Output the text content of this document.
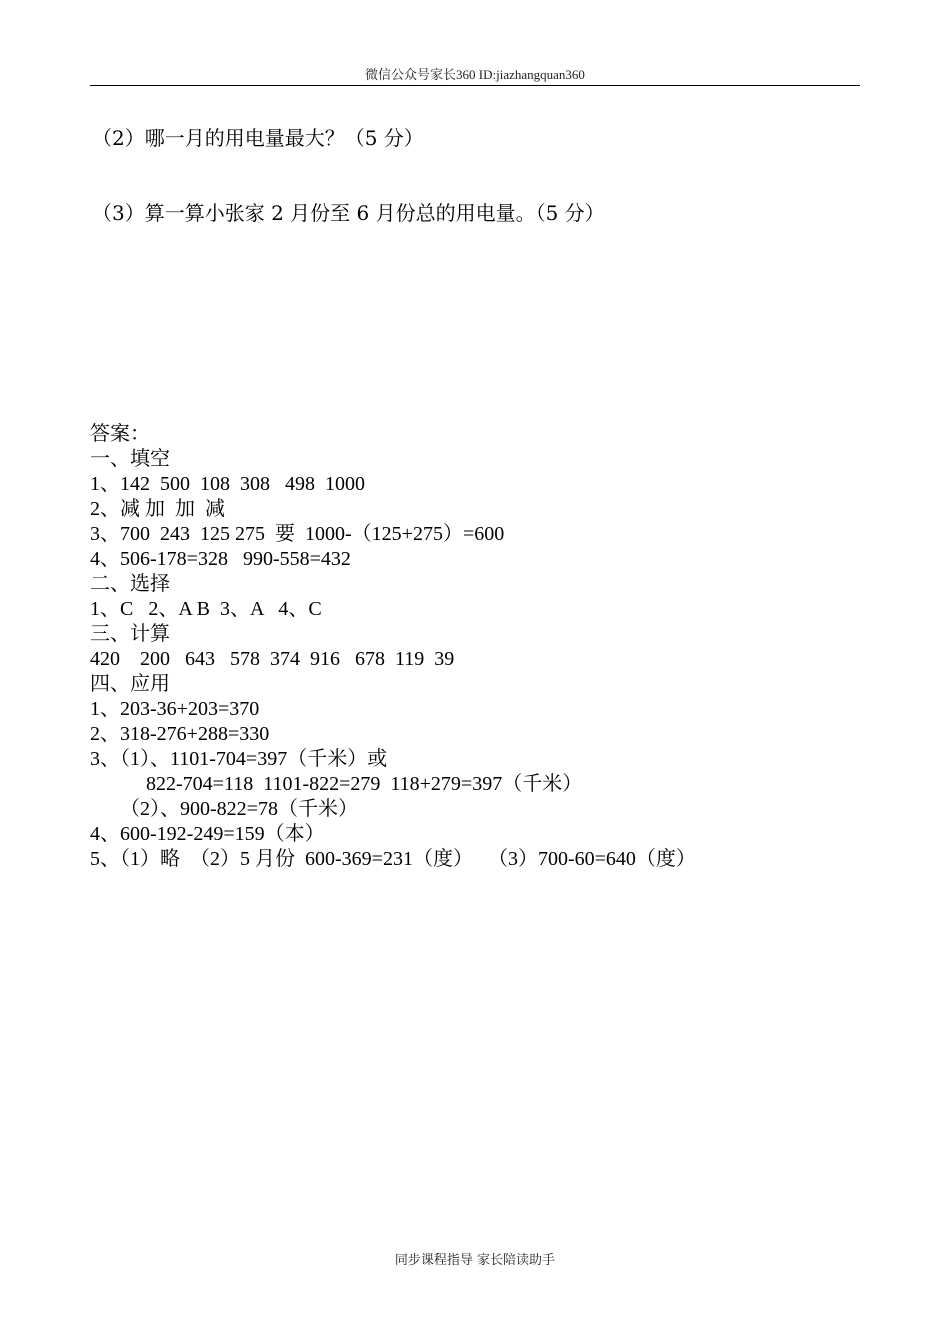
微信公众号家长360 ID:jiazhangquan360
（2）哪一月的用电量最大？（5 分）
（3）算一算小张家 2 月份至 6 月份总的用电量。（5 分）
答案：
一、填空
1、142  500  108  308   498  1000
2、减 加  加  减
3、700  243  125 275  要  1000-（125+275）=600
4、506-178=328   990-558=432
二、选择
1、C   2、A B  3、A   4、C
三、计算
420    200   643   578  374  916   678  119  39
四、应用
1、203-36+203=370
2、318-276+288=330
3、（1）、1101-704=397（千米）或
822-704=118  1101-822=279  118+279=397（千米）
（2）、900-822=78（千米）
4、600-192-249=159（本）
5、（1）略  （2）5 月份  600-369=231（度）   （3）700-60=640（度）
同步课程指导 家长陪读助手
